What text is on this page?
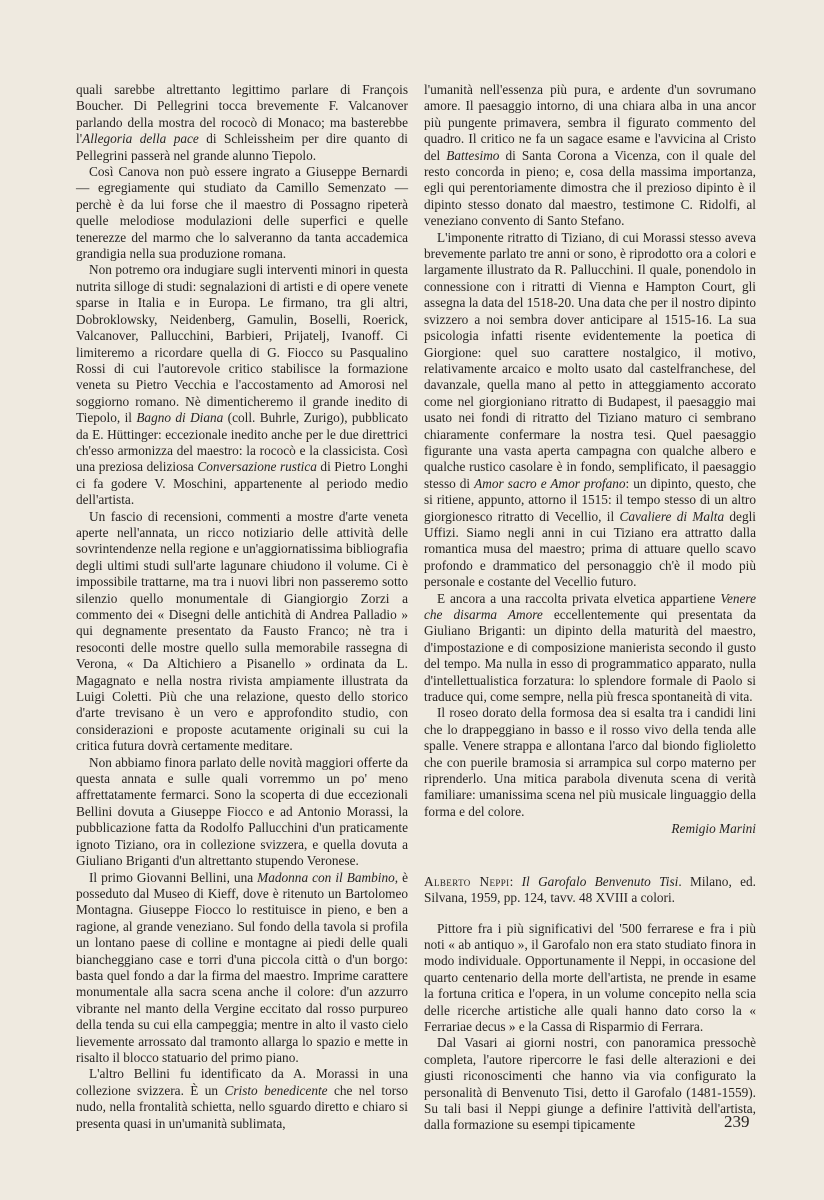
quali sarebbe altrettanto legittimo parlare di François Boucher. Di Pellegrini tocca brevemente F. Valcanover parlando della mostra del rococò di Monaco; ma basterebbe l'Allegoria della pace di Schleissheim per dire quanto di Pellegrini passerà nel grande alunno Tiepolo.

Così Canova non può essere ingrato a Giuseppe Bernardi — egregiamente qui studiato da Camillo Semenzato — perchè è da lui forse che il maestro di Possagno ripeterà quelle melodiose modulazioni delle superfici e quelle tenerezze del marmo che lo salveranno da tanta accademica grandigia nella sua produzione romana.

Non potremo ora indugiare sugli interventi minori in questa nutrita silloge di studi: segnalazioni di artisti e di opere venete sparse in Italia e in Europa. Le firmano, tra gli altri, Dobroklowsky, Neidenberg, Gamulin, Boselli, Roerick, Valcanover, Pallucchini, Barbieri, Prijatelj, Ivanoff. Ci limiteremo a ricordare quella di G. Fiocco su Pasqualino Rossi di cui l'autorevole critico stabilisce la formazione veneta su Pietro Vecchia e l'accostamento ad Amorosi nel soggiorno romano. Nè dimenticheremo il grande inedito di Tiepolo, il Bagno di Diana (coll. Buhrle, Zurigo), pubblicato da E. Hüttinger: eccezionale inedito anche per le due direttrici ch'esso armonizza del maestro: la rococò e la classicista. Così una preziosa deliziosa Conversazione rustica di Pietro Longhi ci fa godere V. Moschini, appartenente al periodo medio dell'artista.

Un fascio di recensioni, commenti a mostre d'arte veneta aperte nell'annata, un ricco notiziario delle attività delle sovrintendenze nella regione e un'aggiornatissima bibliografia degli ultimi studi sull'arte lagunare chiudono il volume. Ci è impossibile trattarne, ma tra i nuovi libri non passeremo sotto silenzio quello monumentale di Giangiorgio Zorzi a commento dei « Disegni delle antichità di Andrea Palladio » qui degnamente presentato da Fausto Franco; nè tra i resoconti delle mostre quello sulla memorabile rassegna di Verona, « Da Altichiero a Pisanello » ordinata da L. Magagnato e nella nostra rivista ampiamente illustrata da Luigi Coletti. Più che una relazione, questo dello storico d'arte trevisano è un vero e approfondito studio, con considerazioni e proposte acutamente originali su cui la critica futura dovrà certamente meditare.

Non abbiamo finora parlato delle novità maggiori offerte da questa annata e sulle quali vorremmo un po' meno affrettatamente fermarci. Sono la scoperta di due eccezionali Bellini dovuta a Giuseppe Fiocco e ad Antonio Morassi, la pubblicazione fatta da Rodolfo Pallucchini d'un praticamente ignoto Tiziano, ora in collezione svizzera, e quella dovuta a Giuliano Briganti d'un altrettanto stupendo Veronese.

Il primo Giovanni Bellini, una Madonna con il Bambino, è posseduto dal Museo di Kieff, dove è ritenuto un Bartolomeo Montagna. Giuseppe Fiocco lo restituisce in pieno, e ben a ragione, al grande veneziano. Sul fondo della tavola si profila un lontano paese di colline e montagne ai piedi delle quali biancheggiano case e torri d'una piccola città o d'un borgo: basta quel fondo a dar la firma del maestro. Imprime carattere monumentale alla sacra scena anche il colore: d'un azzurro vibrante nel manto della Vergine eccitato dal rosso purpureo della tenda su cui ella campeggia; mentre in alto il vasto cielo lievemente arrossato dal tramonto allarga lo spazio e mette in risalto il blocco statuario del primo piano.

L'altro Bellini fu identificato da A. Morassi in una collezione svizzera. È un Cristo benedicente che nel torso nudo, nella frontalità schietta, nello sguardo diretto e chiaro si presenta quasi in un'umanità sublimata,

l'umanità nell'essenza più pura, e ardente d'un sovrumano amore. Il paesaggio intorno, di una chiara alba in una ancor più pungente primavera, sembra il figurato commento del quadro. Il critico ne fa un sagace esame e l'avvicina al Cristo del Battesimo di Santa Corona a Vicenza, con il quale del resto concorda in pieno; e, cosa della massima importanza, egli qui perentoriamente dimostra che il prezioso dipinto è il dipinto stesso donato dal maestro, testimone C. Ridolfi, al veneziano convento di Santo Stefano.

L'imponente ritratto di Tiziano, di cui Morassi stesso aveva brevemente parlato tre anni or sono, è riprodotto ora a colori e largamente illustrato da R. Pallucchini. Il quale, ponendolo in connessione con i ritratti di Vienna e Hampton Court, gli assegna la data del 1518-20. Una data che per il nostro dipinto svizzero a noi sembra dover anticipare al 1515-16. La sua psicologia infatti risente evidentemente la poetica di Giorgione: quel suo carattere nostalgico, il motivo, relativamente arcaico e molto usato dal castelfranchese, del davanzale, quella mano al petto in atteggiamento accorato come nel giorgioniano ritratto di Budapest, il paesaggio mai usato nei fondi di ritratto del Tiziano maturo ci sembrano chiaramente confermare la nostra tesi. Quel paesaggio figurante una vasta aperta campagna con qualche albero e qualche rustico casolare è in fondo, semplificato, il paesaggio stesso di Amor sacro e Amor profano: un dipinto, questo, che si ritiene, appunto, attorno il 1515: il tempo stesso di un altro giorgionesco ritratto di Vecellio, il Cavaliere di Malta degli Uffizi. Siamo negli anni in cui Tiziano era attratto dalla romantica musa del maestro; prima di attuare quello scavo profondo e drammatico del personaggio ch'è il modo più personale e costante del Vecellio futuro.

E ancora a una raccolta privata elvetica appartiene Venere che disarma Amore eccellentemente qui presentata da Giuliano Briganti: un dipinto della maturità del maestro, d'impostazione e di composizione manierista secondo il gusto del tempo. Ma nulla in esso di programmatico apparato, nulla d'intellettualistica forzatura: lo splendore formale di Paolo si traduce qui, come sempre, nella più fresca spontaneità di vita.

Il roseo dorato della formosa dea si esalta tra i candidi lini che lo drappeggiano in basso e il rosso vivo della tenda alle spalle. Venere strappa e allontana l'arco dal biondo figlioletto che con puerile bramosia si arrampica sul corpo materno per riprenderlo. Una mitica parabola divenuta scena di verità familiare: umanissima scena nel più musicale linguaggio della forma e del colore.

Remigio Marini

Alberto Neppi: Il Garofalo Benvenuto Tisi. Milano, ed. Silvana, 1959, pp. 124, tavv. 48 XVIII a colori.

Pittore fra i più significativi del '500 ferrarese e fra i più noti « ab antiquo », il Garofalo non era stato studiato finora in modo individuale. Opportunamente il Neppi, in occasione del quarto centenario della morte dell'artista, ne prende in esame la fortuna critica e l'opera, in un volume concepito nella scia delle ricerche artistiche alle quali hanno dato corso la « Ferrariae decus » e la Cassa di Risparmio di Ferrara.

Dal Vasari ai giorni nostri, con panoramica pressochè completa, l'autore ripercorre le fasi delle alterazioni e dei giusti riconoscimenti che hanno via via configurato la personalità di Benvenuto Tisi, detto il Garofalo (1481-1559). Su tali basi il Neppi giunge a definire l'attività dell'artista, dalla formazione su esempi tipicamente	239
